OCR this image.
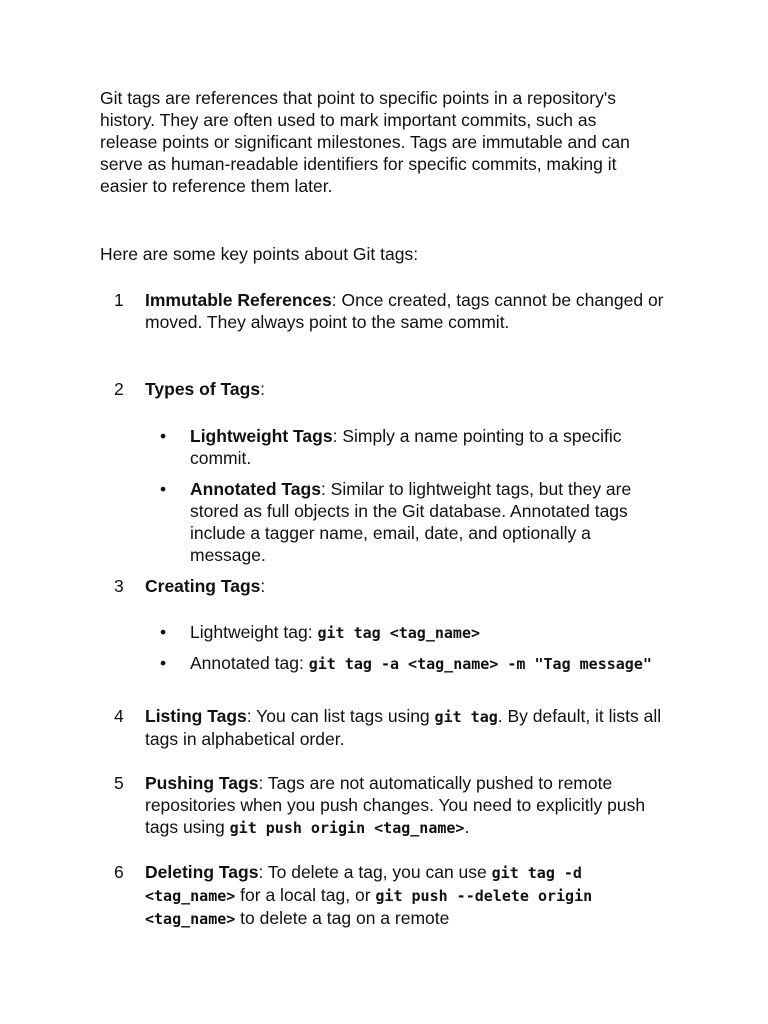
Git tags are references that point to specific points in a repository's history. They are often used to mark important commits, such as release points or significant milestones. Tags are immutable and can serve as human-readable identifiers for specific commits, making it easier to reference them later.

Here are some key points about Git tags:

1 Immutable References: Once created, tags cannot be changed or moved. They always point to the same commit.
2 Types of Tags:
• Lightweight Tags: Simply a name pointing to a specific commit.
• Annotated Tags: Similar to lightweight tags, but they are stored as full objects in the Git database. Annotated tags include a tagger name, email, date, and optionally a message.
3 Creating Tags:
• Lightweight tag: git tag <tag_name>
• Annotated tag: git tag -a <tag_name> -m "Tag message"
4 Listing Tags: You can list tags using git tag. By default, it lists all tags in alphabetical order.
5 Pushing Tags: Tags are not automatically pushed to remote repositories when you push changes. You need to explicitly push tags using git push origin <tag_name>.
6 Deleting Tags: To delete a tag, you can use git tag -d <tag_name> for a local tag, or git push --delete origin <tag_name> to delete a tag on a remote
